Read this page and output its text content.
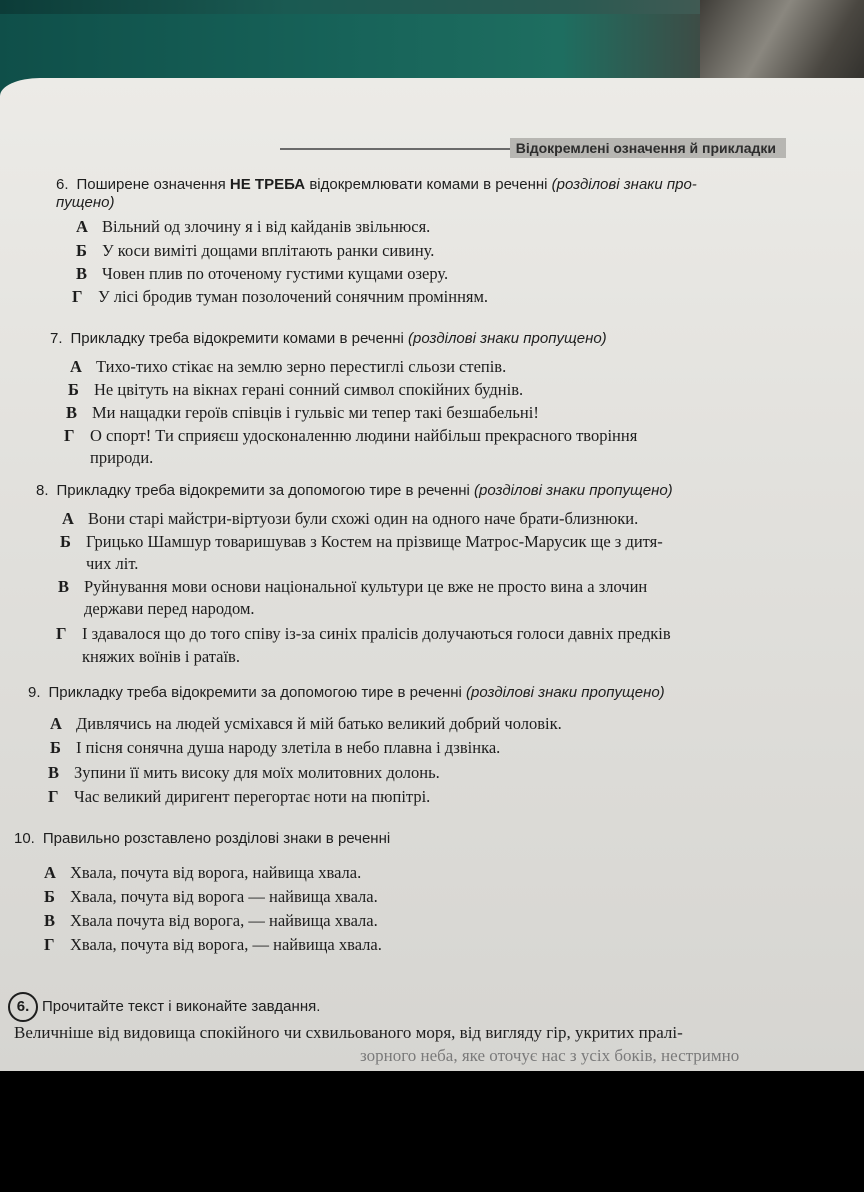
Відокремлені означення й прикладки
6. Поширене означення НЕ ТРЕБА відокремлювати комами в реченні (розділові знаки про-
пущено)
А Вільний од злочину я і від кайданів звільнюся.
Б У коси виміті дощами вплітають ранки сивину.
В Човен плив по оточеному густими кущами озеру.
Г У лісі бродив туман позолочений сонячним промінням.
7. Прикладку треба відокремити комами в реченні (розділові знаки пропущено)
А Тихо-тихо стікає на землю зерно перестиглі сльози степів.
Б Не цвітуть на вікнах герані сонний символ спокійних буднів.
В Ми нащадки героїв співців і гульвіс ми тепер такі безшабельні!
Г О спорт! Ти сприяєш удосконаленню людини найбільш прекрасного творіння
природи.
8. Прикладку треба відокремити за допомогою тире в реченні (розділові знаки пропущено)
А Вони старі майстри-віртуози були схожі один на одного наче брати-близнюки.
Б Грицько Шамшур товаришував з Костем на прізвище Матрос-Марусик ще з дитя-
чих літ.
В Руйнування мови основи національної культури це вже не просто вина а злочин
держави перед народом.
Г І здавалося що до того співу із-за синіх пралісів долучаються голоси давніх предків
княжих воїнів і ратаїв.
9. Прикладку треба відокремити за допомогою тире в реченні (розділові знаки пропущено)
А Дивлячись на людей усміхався й мій батько великий добрий чоловік.
Б І пісня сонячна душа народу злетіла в небо плавна і дзвінка.
В Зупини її мить високу для моїх молитовних долонь.
Г Час великий диригент перегортає ноти на пюпітрі.
10. Правильно розставлено розділові знаки в реченні
А Хвала, почута від ворога, найвища хвала.
Б Хвала, почута від ворога — найвища хвала.
В Хвала почута від ворога, — найвища хвала.
Г Хвала, почута від ворога, — найвища хвала.
6. Прочитайте текст і виконайте завдання.
Величніше від видовища спокійного чи схвильованого моря, від вигляду гір, укритих пралі-
зорного неба, яке оточує нас з усіх боків, нестримно
